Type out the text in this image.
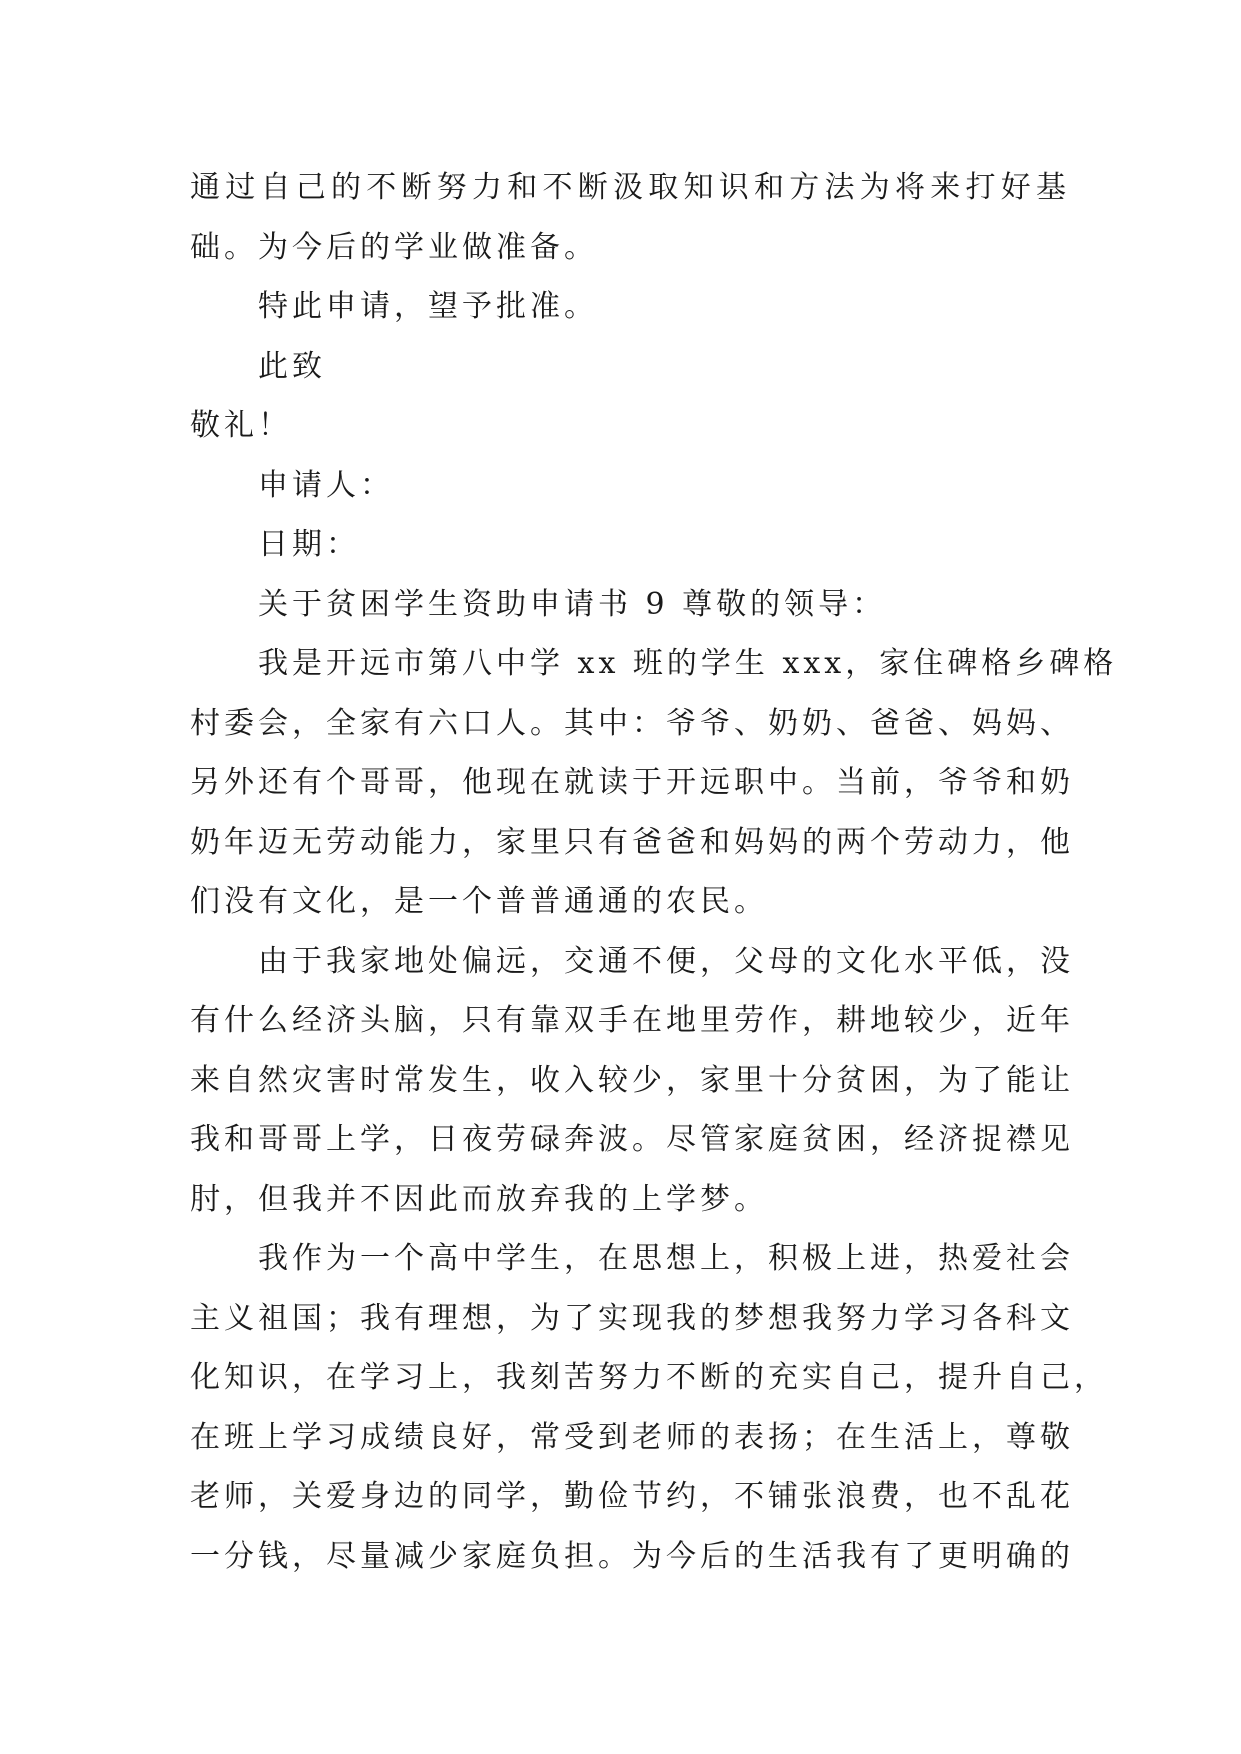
通过自己的不断努力和不断汲取知识和方法为将来打好基
础。为今后的学业做准备。
特此申请，望予批准。
此致
敬礼！
申请人：
日期：
关于贫困学生资助申请书 9 尊敬的领导：
我是开远市第八中学 xx 班的学生 xxx，家住碑格乡碑格
村委会，全家有六口人。其中：爷爷、奶奶、爸爸、妈妈、
另外还有个哥哥，他现在就读于开远职中。当前，爷爷和奶
奶年迈无劳动能力，家里只有爸爸和妈妈的两个劳动力，他
们没有文化，是一个普普通通的农民。
由于我家地处偏远，交通不便，父母的文化水平低，没
有什么经济头脑，只有靠双手在地里劳作，耕地较少，近年
来自然灾害时常发生，收入较少，家里十分贫困，为了能让
我和哥哥上学，日夜劳碌奔波。尽管家庭贫困，经济捉襟见
肘，但我并不因此而放弃我的上学梦。
我作为一个高中学生，在思想上，积极上进，热爱社会
主义祖国；我有理想，为了实现我的梦想我努力学习各科文
化知识，在学习上，我刻苦努力不断的充实自己，提升自己，
在班上学习成绩良好，常受到老师的表扬；在生活上，尊敬
老师，关爱身边的同学，勤俭节约，不铺张浪费，也不乱花
一分钱，尽量减少家庭负担。为今后的生活我有了更明确的
